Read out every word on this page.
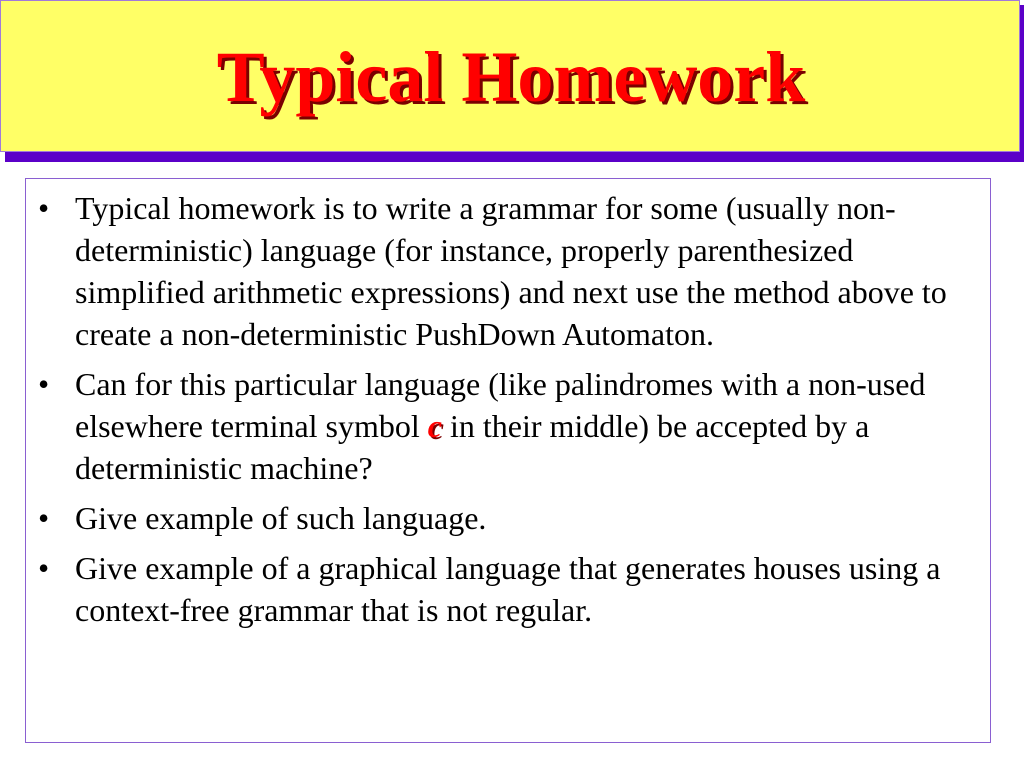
Typical Homework
• Typical homework is to write a grammar for some (usually non-deterministic) language (for instance, properly parenthesized simplified arithmetic expressions) and next use the method above to create a non-deterministic PushDown Automaton.
• Can for this particular language (like palindromes with a non-used elsewhere terminal symbol c in their middle) be accepted by a deterministic machine?
• Give example of such language.
• Give example of a graphical language that generates houses using a context-free grammar that is not regular.
